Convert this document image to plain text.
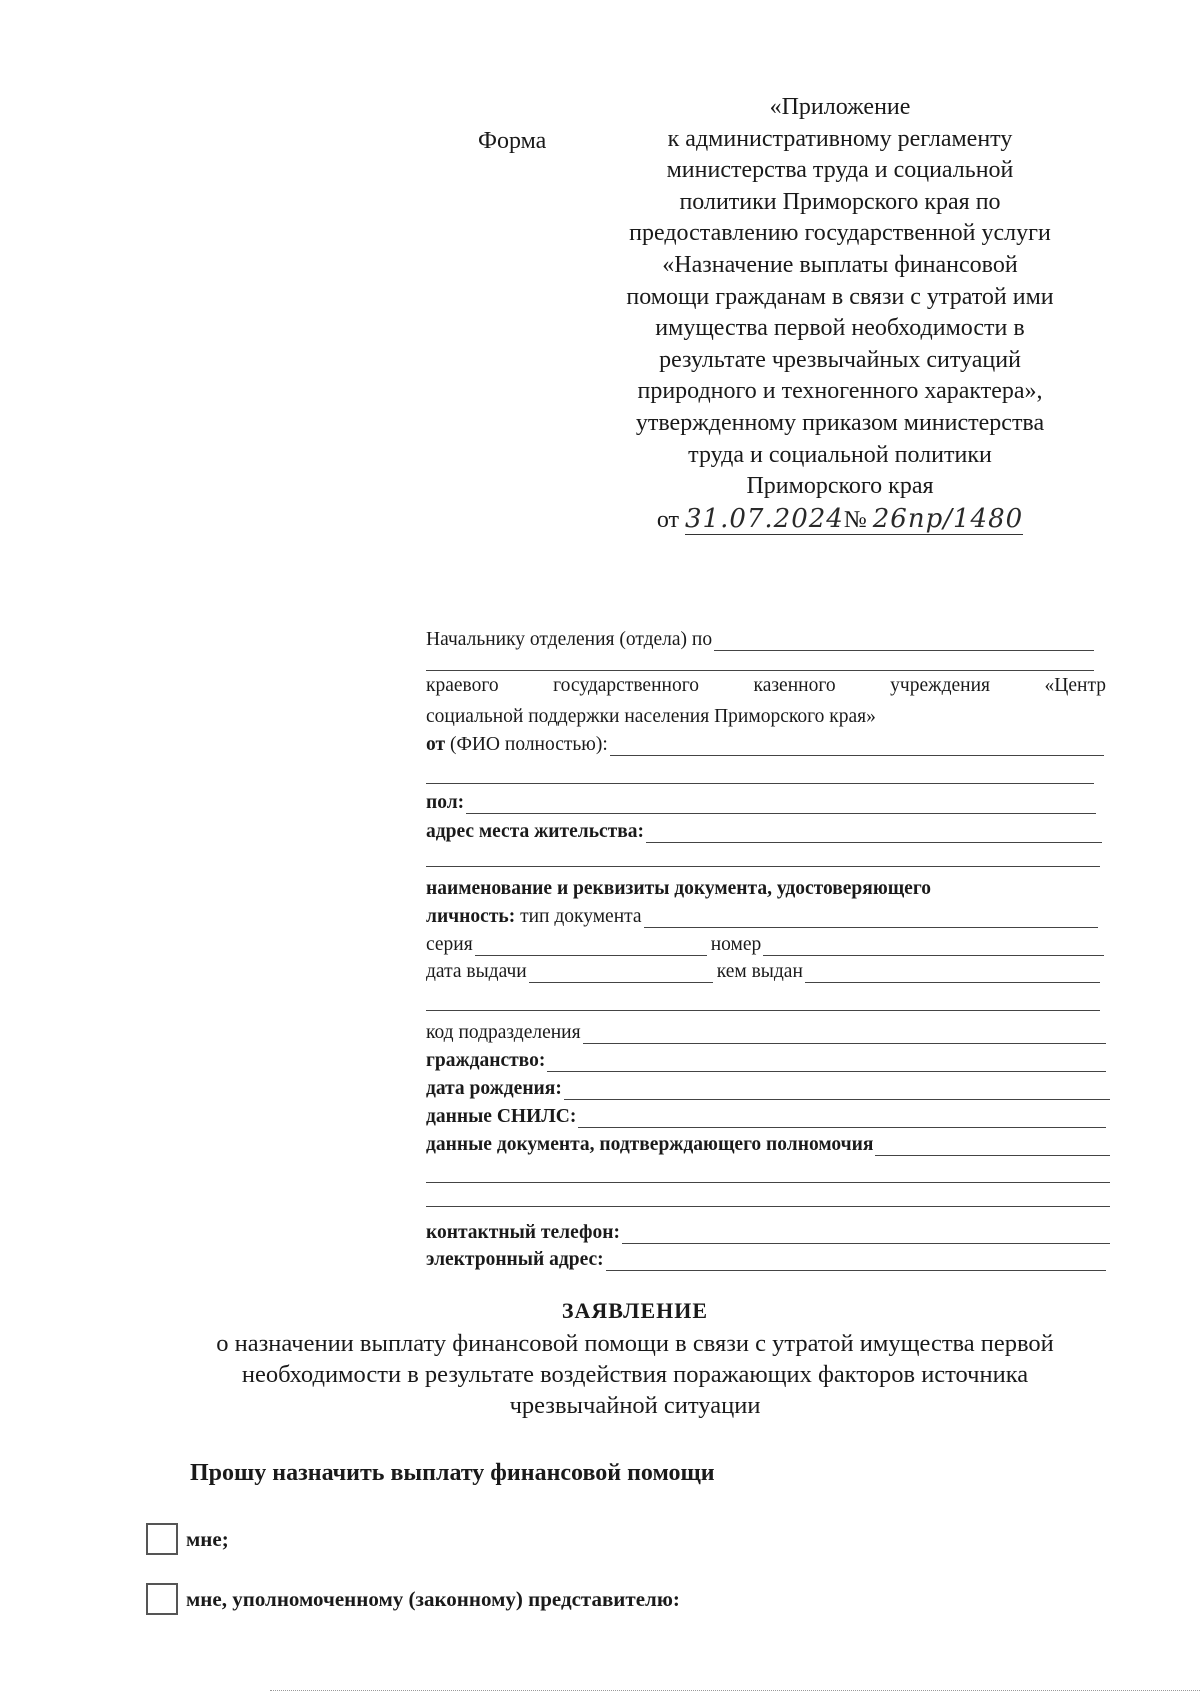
Форма
«Приложение
к административному регламенту
министерства труда и социальной
политики Приморского края по
предоставлению государственной услуги
«Назначение выплаты финансовой
помощи гражданам в связи с утратой ими
имущества первой необходимости в
результате чрезвычайных ситуаций
природного и техногенного характера»,
утвержденному приказом министерства
труда и социальной политики
Приморского края
от 31.07.2024№ 26пр/1480
Начальнику отделения (отдела) по
краевого государственного казенного учреждения «Центр
социальной поддержки населения Приморского края»
от
(ФИО полностью):
пол:
адрес места жительства:
наименование и реквизиты документа, удостоверяющего
личность:
тип документа
серия	номер
дата выдачи	кем выдан
код подразделения
гражданство:
дата рождения:
данные СНИЛС:
данные документа, подтверждающего полномочия
контактный телефон:
электронный адрес:
ЗАЯВЛЕНИЕ
о назначении выплату финансовой помощи в связи с утратой имущества первой
необходимости в результате воздействия поражающих факторов источника
чрезвычайной ситуации
Прошу назначить выплату финансовой помощи
мне;
мне, уполномоченному (законному) представителю:
